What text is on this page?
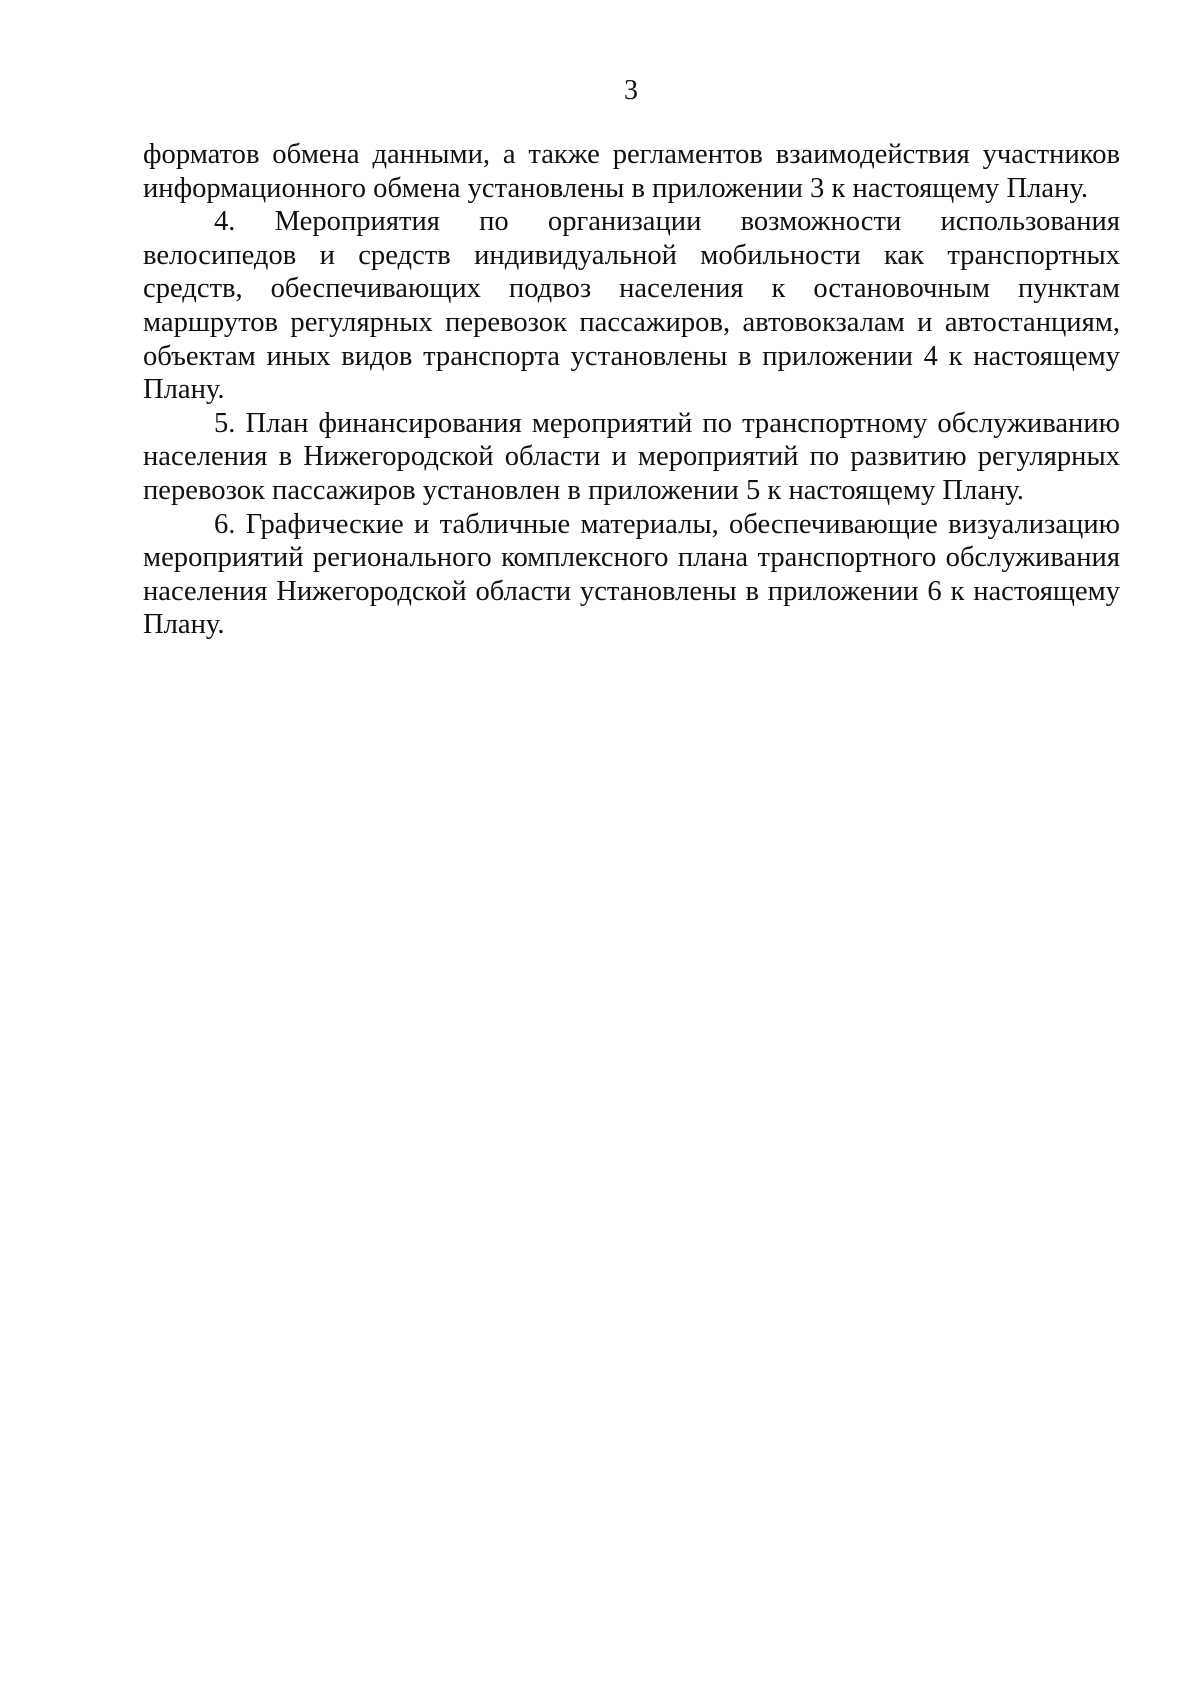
3

форматов обмена данными, а также регламентов взаимодействия участников информационного обмена установлены в приложении 3 к настоящему Плану.

4. Мероприятия по организации возможности использования велосипедов и средств индивидуальной мобильности как транспортных средств, обеспечивающих подвоз населения к остановочным пунктам маршрутов регулярных перевозок пассажиров, автовокзалам и автостанциям, объектам иных видов транспорта установлены в приложении 4 к настоящему Плану.

5. План финансирования мероприятий по транспортному обслуживанию населения в Нижегородской области и мероприятий по развитию регулярных перевозок пассажиров установлен в приложении 5 к настоящему Плану.

6. Графические и табличные материалы, обеспечивающие визуализацию мероприятий регионального комплексного плана транспортного обслуживания населения Нижегородской области установлены в приложении 6 к настоящему Плану.
